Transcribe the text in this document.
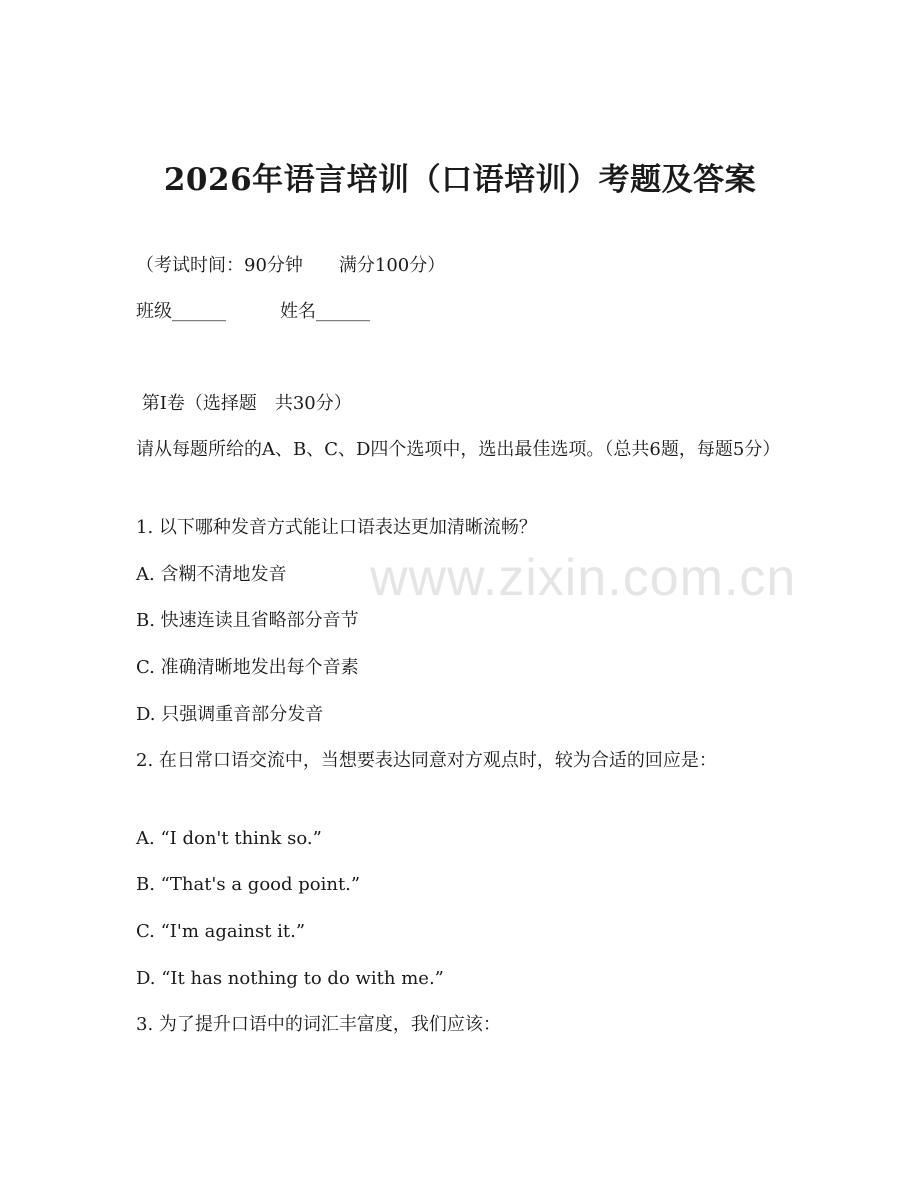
2026年语言培训（口语培训）考题及答案
（考试时间：90分钟　　满分100分）
班级______　　　姓名______
第Ⅰ卷（选择题　共30分）
请从每题所给的A、B、C、D四个选项中，选出最佳选项。（总共6题，每题5分）
1. 以下哪种发音方式能让口语表达更加清晰流畅？
A. 含糊不清地发音
B. 快速连读且省略部分音节
C. 准确清晰地发出每个音素
D. 只强调重音部分发音
2. 在日常口语交流中，当想要表达同意对方观点时，较为合适的回应是：
A. “I don't think so.”
B. “That's a good point.”
C. “I'm against it.”
D. “It has nothing to do with me.”
3. 为了提升口语中的词汇丰富度，我们应该：
www.zixin.com.cn
